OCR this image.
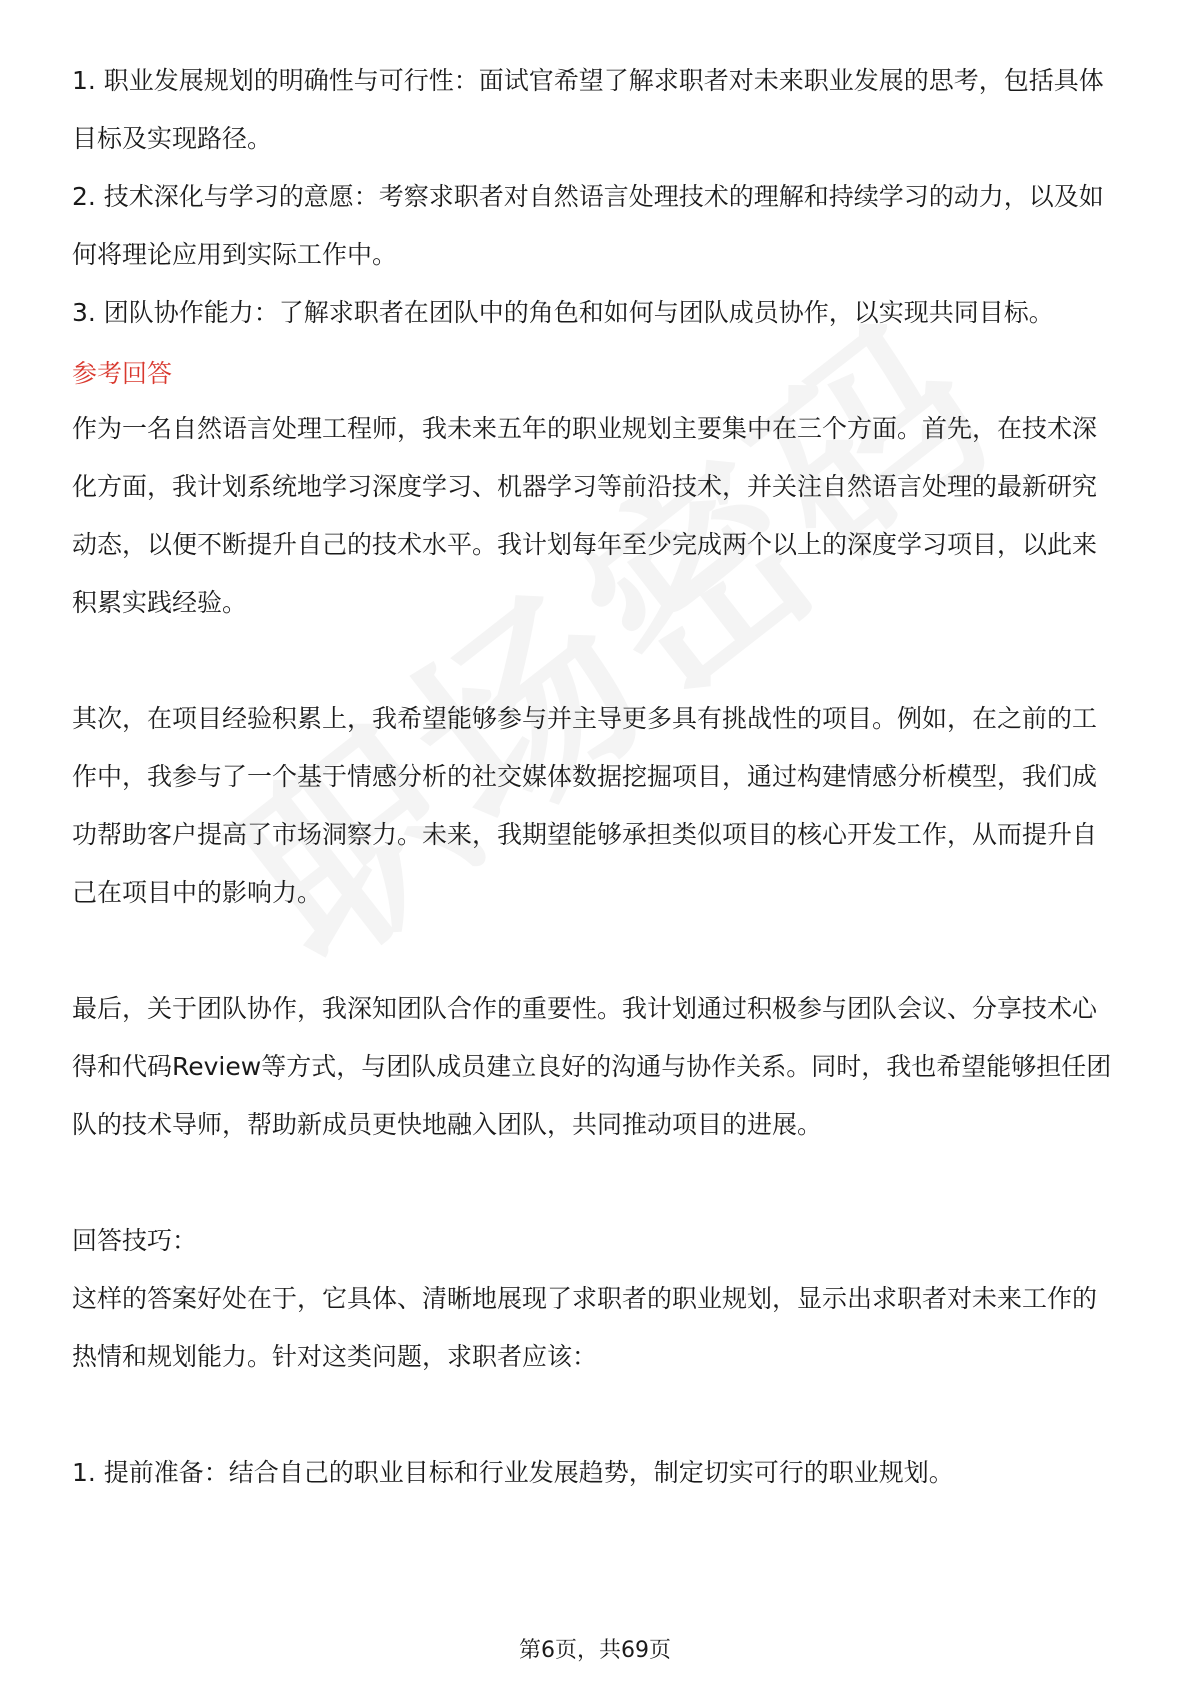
1. 职业发展规划的明确性与可行性：面试官希望了解求职者对未来职业发展的思考，包括具体目标及实现路径。

2. 技术深化与学习的意愿：考察求职者对自然语言处理技术的理解和持续学习的动力，以及如何将理论应用到实际工作中。

3. 团队协作能力：了解求职者在团队中的角色和如何与团队成员协作，以实现共同目标。

参考回答

作为一名自然语言处理工程师，我未来五年的职业规划主要集中在三个方面。首先，在技术深化方面，我计划系统地学习深度学习、机器学习等前沿技术，并关注自然语言处理的最新研究动态，以便不断提升自己的技术水平。我计划每年至少完成两个以上的深度学习项目，以此来积累实践经验。

其次，在项目经验积累上，我希望能够参与并主导更多具有挑战性的项目。例如，在之前的工作中，我参与了一个基于情感分析的社交媒体数据挖掘项目，通过构建情感分析模型，我们成功帮助客户提高了市场洞察力。未来，我期望能够承担类似项目的核心开发工作，从而提升自己在项目中的影响力。

最后，关于团队协作，我深知团队合作的重要性。我计划通过积极参与团队会议、分享技术心得和代码Review等方式，与团队成员建立良好的沟通与协作关系。同时，我也希望能够担任团队的技术导师，帮助新成员更快地融入团队，共同推动项目的进展。

回答技巧：

这样的答案好处在于，它具体、清晰地展现了求职者的职业规划，显示出求职者对未来工作的热情和规划能力。针对这类问题，求职者应该：

1. 提前准备：结合自己的职业目标和行业发展趋势，制定切实可行的职业规划。

第6页，共69页
